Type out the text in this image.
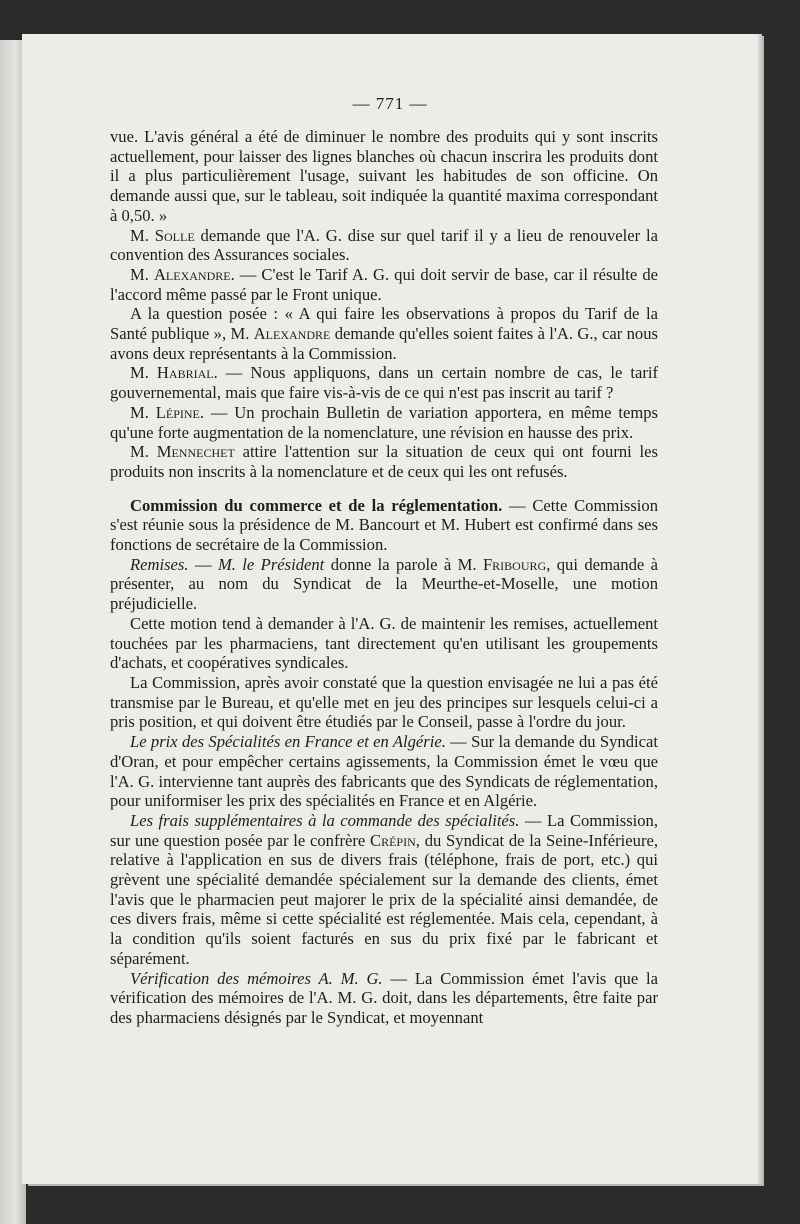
— 771 —

vue. L'avis général a été de diminuer le nombre des produits qui y sont inscrits actuellement, pour laisser des lignes blanches où chacun inscrira les produits dont il a plus particulièrement l'usage, suivant les habitudes de son officine. On demande aussi que, sur le tableau, soit indiquée la quantité maxima correspondant à 0,50. »

M. Solle demande que l'A. G. dise sur quel tarif il y a lieu de renouveler la convention des Assurances sociales.

M. Alexandre. — C'est le Tarif A. G. qui doit servir de base, car il résulte de l'accord même passé par le Front unique.

A la question posée : « A qui faire les observations à propos du Tarif de la Santé publique », M. Alexandre demande qu'elles soient faites à l'A. G., car nous avons deux représentants à la Commission.

M. Habrial. — Nous appliquons, dans un certain nombre de cas, le tarif gouvernemental, mais que faire vis-à-vis de ce qui n'est pas inscrit au tarif ?

M. Lépine. — Un prochain Bulletin de variation apportera, en même temps qu'une forte augmentation de la nomenclature, une révision en hausse des prix.

M. Mennechet attire l'attention sur la situation de ceux qui ont fourni les produits non inscrits à la nomenclature et de ceux qui les ont refusés.

Commission du commerce et de la réglementation. — Cette Commission s'est réunie sous la présidence de M. Bancourt et M. Hubert est confirmé dans ses fonctions de secrétaire de la Commission.

Remises. — M. le Président donne la parole à M. Fribourg, qui demande à présenter, au nom du Syndicat de la Meurthe-et-Moselle, une motion préjudicielle.

Cette motion tend à demander à l'A. G. de maintenir les remises, actuellement touchées par les pharmaciens, tant directement qu'en utilisant les groupements d'achats, et coopératives syndicales.

La Commission, après avoir constaté que la question envisagée ne lui a pas été transmise par le Bureau, et qu'elle met en jeu des principes sur lesquels celui-ci a pris position, et qui doivent être étudiés par le Conseil, passe à l'ordre du jour.

Le prix des Spécialités en France et en Algérie. — Sur la demande du Syndicat d'Oran, et pour empêcher certains agissements, la Commission émet le vœu que l'A. G. intervienne tant auprès des fabricants que des Syndicats de réglementation, pour uniformiser les prix des spécialités en France et en Algérie.

Les frais supplémentaires à la commande des spécialités. — La Commission, sur une question posée par le confrère Crépin, du Syndicat de la Seine-Inférieure, relative à l'application en sus de divers frais (téléphone, frais de port, etc.) qui grèvent une spécialité demandée spécialement sur la demande des clients, émet l'avis que le pharmacien peut majorer le prix de la spécialité ainsi demandée, de ces divers frais, même si cette spécialité est réglementée. Mais cela, cependant, à la condition qu'ils soient facturés en sus du prix fixé par le fabricant et séparément.

Vérification des mémoires A. M. G. — La Commission émet l'avis que la vérification des mémoires de l'A. M. G. doit, dans les départements, être faite par des pharmaciens désignés par le Syndicat, et moyennant
